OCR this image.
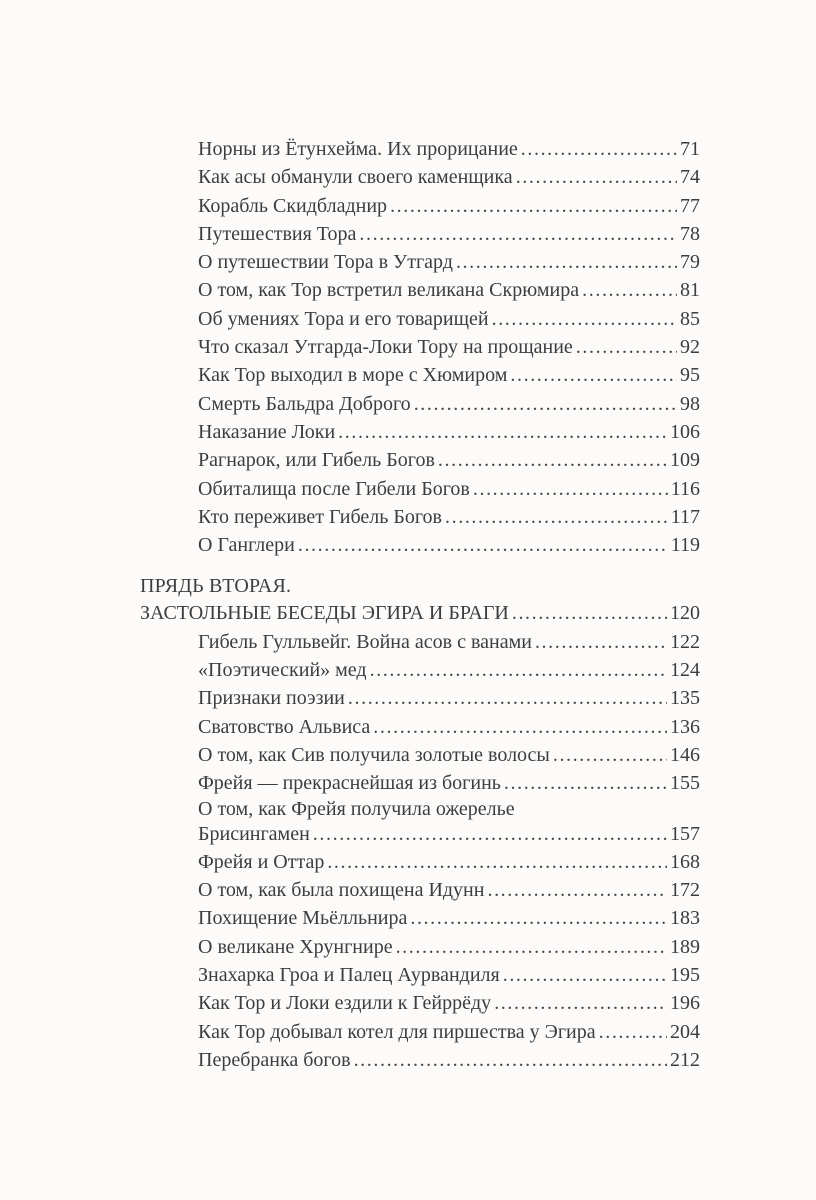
Норны из Ётунхейма. Их прорицание .....	71
Как асы обманули своего каменщика .....	74
Корабль Скидбладнир .....	77
Путешествия Тора .....	78
О путешествии Тора в Утгард .....	79
О том, как Тор встретил великана Скрюмира .....	81
Об умениях Тора и его товарищей .....	85
Что сказал Утгарда-Локи Тору на прощание .....	92
Как Тор выходил в море с Хюмиром .....	95
Смерть Бальдра Доброго .....	98
Наказание Локи .....	106
Рагнарок, или Гибель Богов .....	109
Обиталища после Гибели Богов .....	116
Кто переживет Гибель Богов .....	117
О Ганглери .....	119
ПРЯДЬ ВТОРАЯ.
ЗАСТОЛЬНЫЕ БЕСЕДЫ ЭГИРА И БРАГИ .....	120
Гибель Гулльвейг. Война асов с ванами .....	122
«Поэтический» мед .....	124
Признаки поэзии .....	135
Сватовство Альвиса .....	136
О том, как Сив получила золотые волосы .....	146
Фрейя — прекраснейшая из богинь .....	155
О том, как Фрейя получила ожерелье
Брисингамен .....	157
Фрейя и Оттар .....	168
О том, как была похищена Идунн .....	172
Похищение Мьёлльнира .....	183
О великане Хрунгнире .....	189
Знахарка Гроа и Палец Аурвандиля .....	195
Как Тор и Локи ездили к Гейррёду .....	196
Как Тор добывал котел для пиршества у Эгира .....	204
Перебранка богов .....	212
